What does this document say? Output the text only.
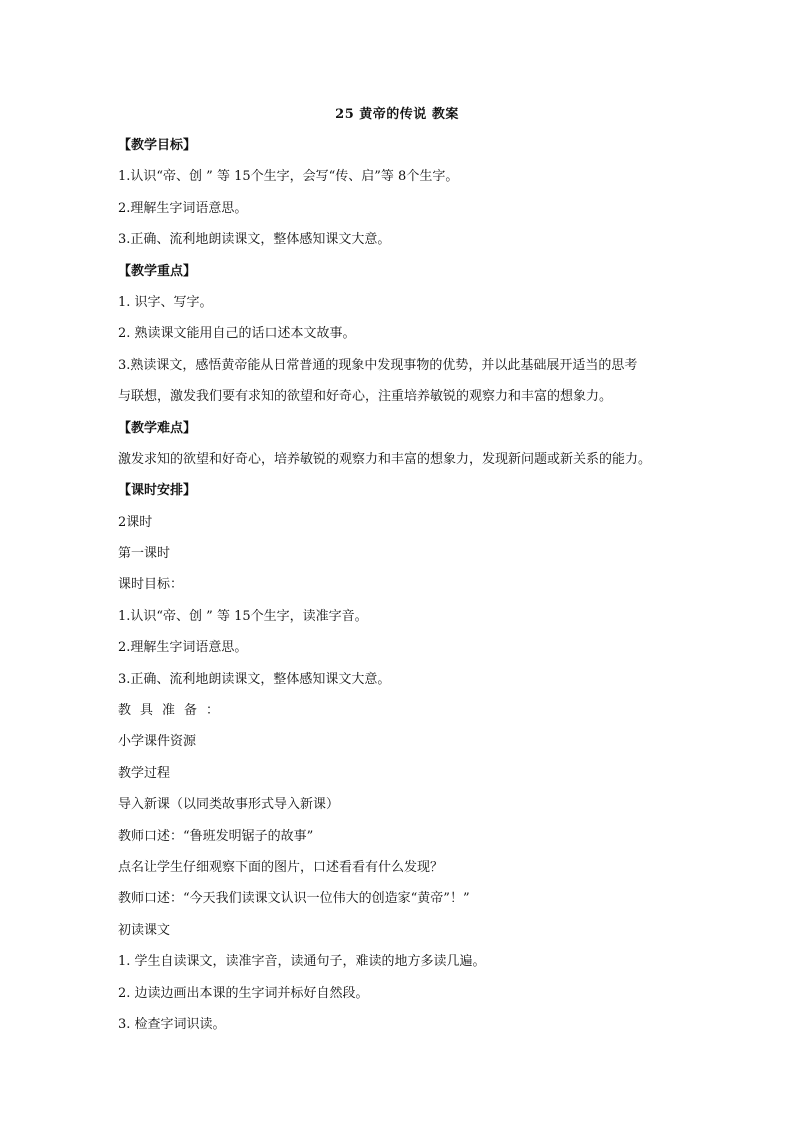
25 黄帝的传说 教案
【教学目标】
1.认识“帝、创 ” 等 15个生字，会写“传、启”等 8个生字。
2.理解生字词语意思。
3.正确、流利地朗读课文，整体感知课文大意。
【教学重点】
1. 识字、写字。
2. 熟读课文能用自己的话口述本文故事。
3.熟读课文，感悟黄帝能从日常普通的现象中发现事物的优势，并以此基础展开适当的思考
与联想，激发我们要有求知的欲望和好奇心，注重培养敏锐的观察力和丰富的想象力。
【教学难点】
激发求知的欲望和好奇心，培养敏锐的观察力和丰富的想象力，发现新问题或新关系的能力。
【课时安排】
2课时
第一课时
课时目标：
1.认识“帝、创 ” 等 15个生字，读准字音。
2.理解生字词语意思。
3.正确、流利地朗读课文，整体感知课文大意。
教具准备：
小学课件资源
教学过程
导入新课（以同类故事形式导入新课）
教师口述：“鲁班发明锯子的故事”
点名让学生仔细观察下面的图片，口述看看有什么发现？
教师口述：“今天我们读课文认识一位伟大的创造家“黄帝”！”
初读课文
1. 学生自读课文，读准字音，读通句子，难读的地方多读几遍。
2. 边读边画出本课的生字词并标好自然段。
3. 检查字词识读。
